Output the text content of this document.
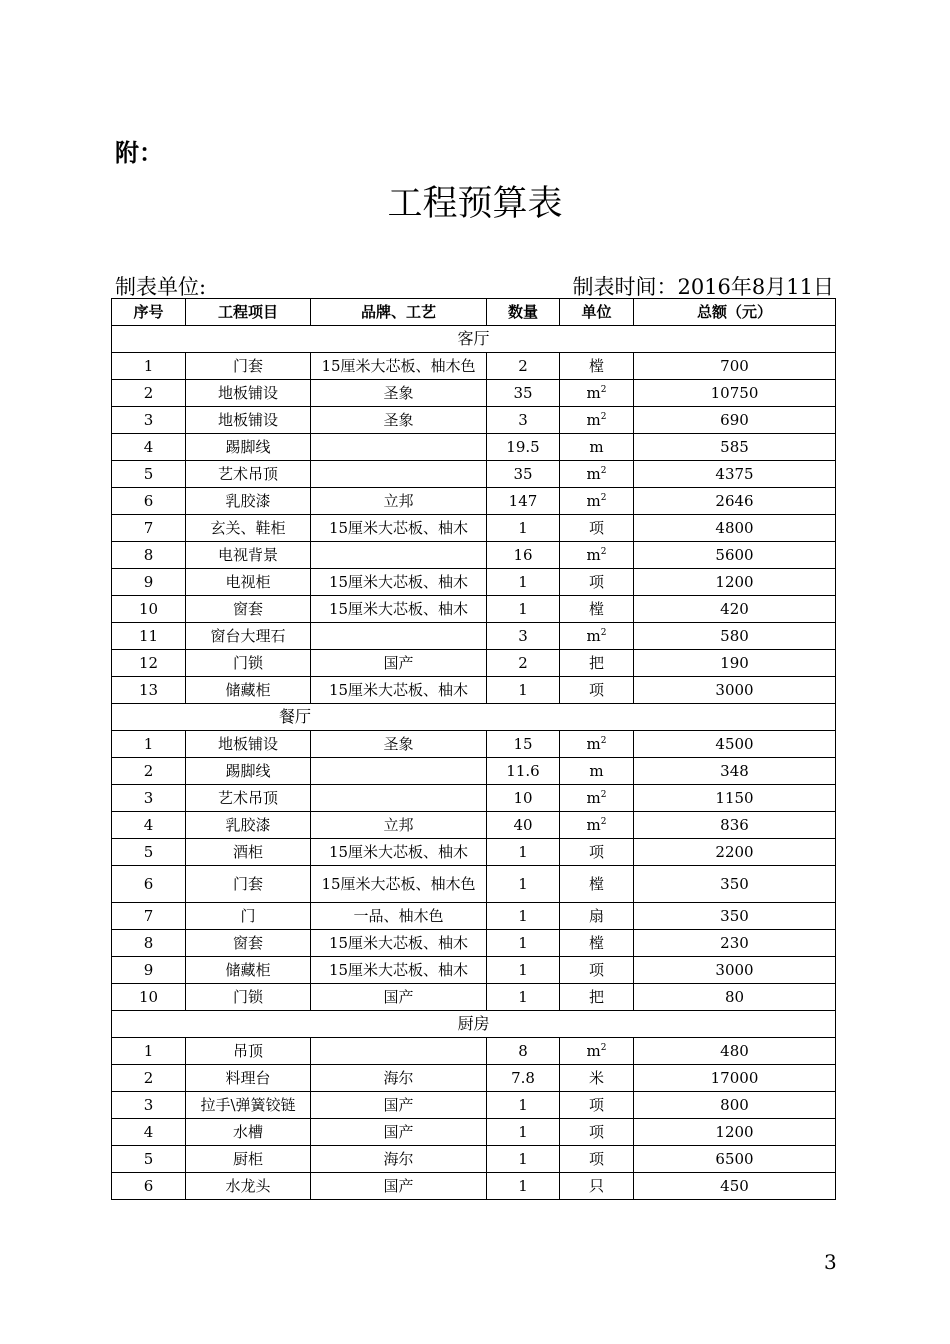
附：
工程预算表
制表单位:	制表时间：2016年8月11日
序号	工程项目	品牌、工艺	数量	单位	总额（元）
客厅					
1	门套	15厘米大芯板、柚木色	2	樘	700
2	地板铺设	圣象	35	$m^2$	10750
3	地板铺设	圣象	3	$m^2$	690
4	踢脚线		19.5	m	585
5	艺术吊顶		35	$m^2$	4375
6	乳胶漆	立邦	147	$m^2$	2646
7	玄关、鞋柜	15厘米大芯板、柚木	1	项	4800
8	电视背景		16	$m^2$	5600
9	电视柜	15厘米大芯板、柚木	1	项	1200
10	窗套	15厘米大芯板、柚木	1	樘	420
11	窗台大理石		3	$m^2$	580
12	门锁	国产	2	把	190
13	储藏柜	15厘米大芯板、柚木	1	项	3000
餐厅					
1	地板铺设	圣象	15	$m^2$	4500
2	踢脚线		11.6	m	348
3	艺术吊顶		10	$m^2$	1150
4	乳胶漆	立邦	40	$m^2$	836
5	酒柜	15厘米大芯板、柚木	1	项	2200
6	门套	15厘米大芯板、柚木色	1	樘	350
7	门	一品、柚木色	1	扇	350
8	窗套	15厘米大芯板、柚木	1	樘	230
9	储藏柜	15厘米大芯板、柚木	1	项	3000
10	门锁	国产	1	把	80
厨房					
1	吊顶		8	$m^2$	480
2	料理台	海尔	7.8	米	17000
3	拉手\弹簧铰链	国产	1	项	800
4	水槽	国产	1	项	1200
5	厨柜	海尔	1	项	6500
6	水龙头	国产	1	只	450
3
